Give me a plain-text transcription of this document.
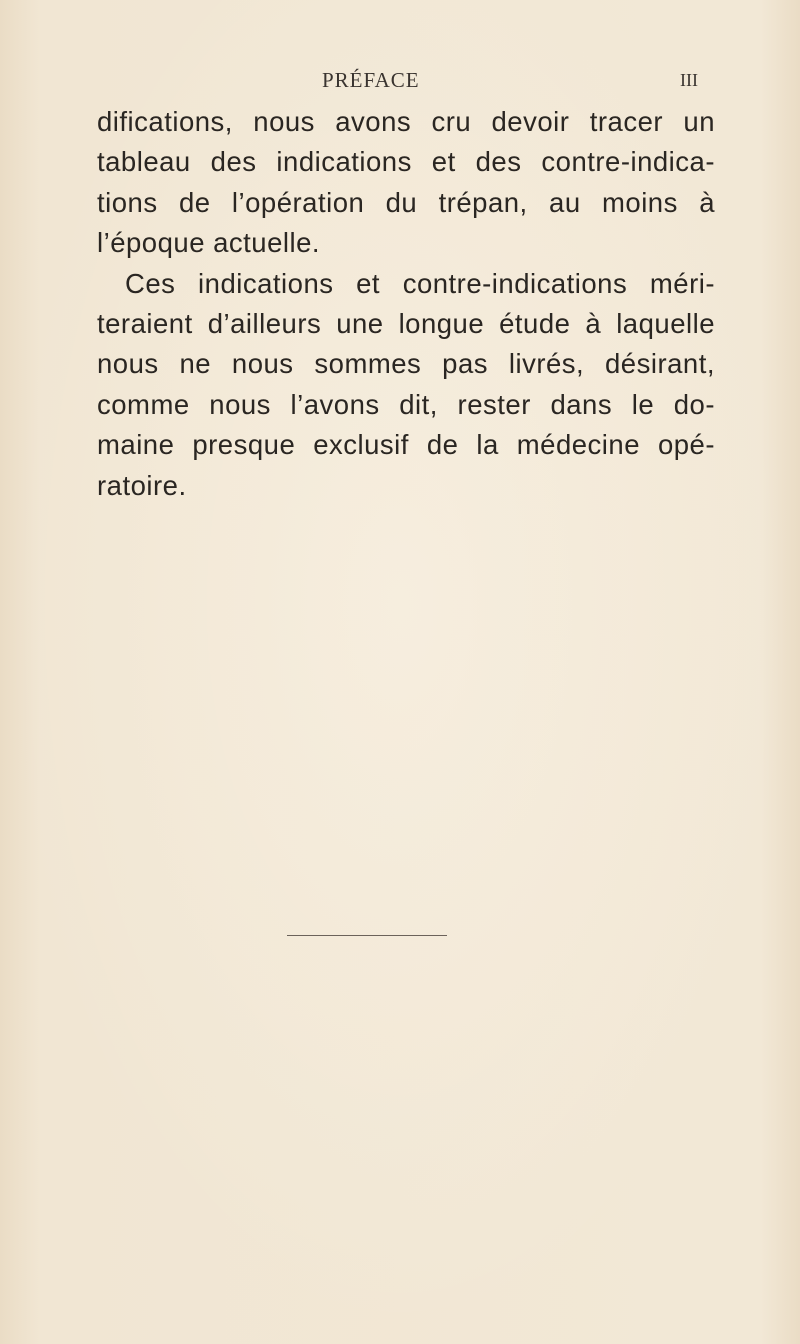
PRÉFACE	III
difications, nous avons cru devoir tracer un
tableau des indications et des contre-indica-
tions de l’opération du trépan, au moins à
l’époque actuelle.
Ces indications et contre-indications méri-
teraient d’ailleurs une longue étude à laquelle
nous ne nous sommes pas livrés, désirant,
comme nous l’avons dit, rester dans le do-
maine presque exclusif de la médecine opé-
ratoire.
